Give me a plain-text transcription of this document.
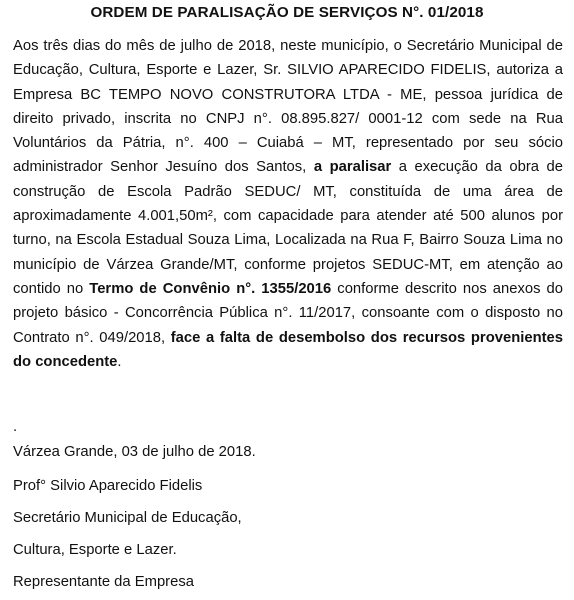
ORDEM DE PARALISAÇÃO DE SERVIÇOS N°. 01/2018
Aos três dias do mês de julho de 2018, neste município, o Secretário Municipal de Educação, Cultura, Esporte e Lazer, Sr. SILVIO APARECIDO FIDELIS, autoriza a Empresa BC TEMPO NOVO CONSTRUTORA LTDA - ME, pessoa jurídica de direito privado, inscrita no CNPJ n°. 08.895.827/ 0001-12 com sede na Rua Voluntários da Pátria, n°. 400 – Cuiabá – MT, representado por seu sócio administrador Senhor Jesuíno dos Santos, a paralisar a execução da obra de construção de Escola Padrão SEDUC/ MT, constituída de uma área de aproximadamente 4.001,50m², com capacidade para atender até 500 alunos por turno, na Escola Estadual Souza Lima, Localizada na Rua F, Bairro Souza Lima no município de Várzea Grande/MT, conforme projetos SEDUC-MT, em atenção ao contido no Termo de Convênio n°. 1355/2016 conforme descrito nos anexos do projeto básico - Concorrência Pública n°. 11/2017, consoante com o disposto no Contrato n°. 049/2018, face a falta de desembolso dos recursos provenientes do concedente.
.
Várzea Grande, 03 de julho de 2018.
Prof° Silvio Aparecido Fidelis
Secretário Municipal de Educação,
Cultura, Esporte e Lazer.
Representante da Empresa
